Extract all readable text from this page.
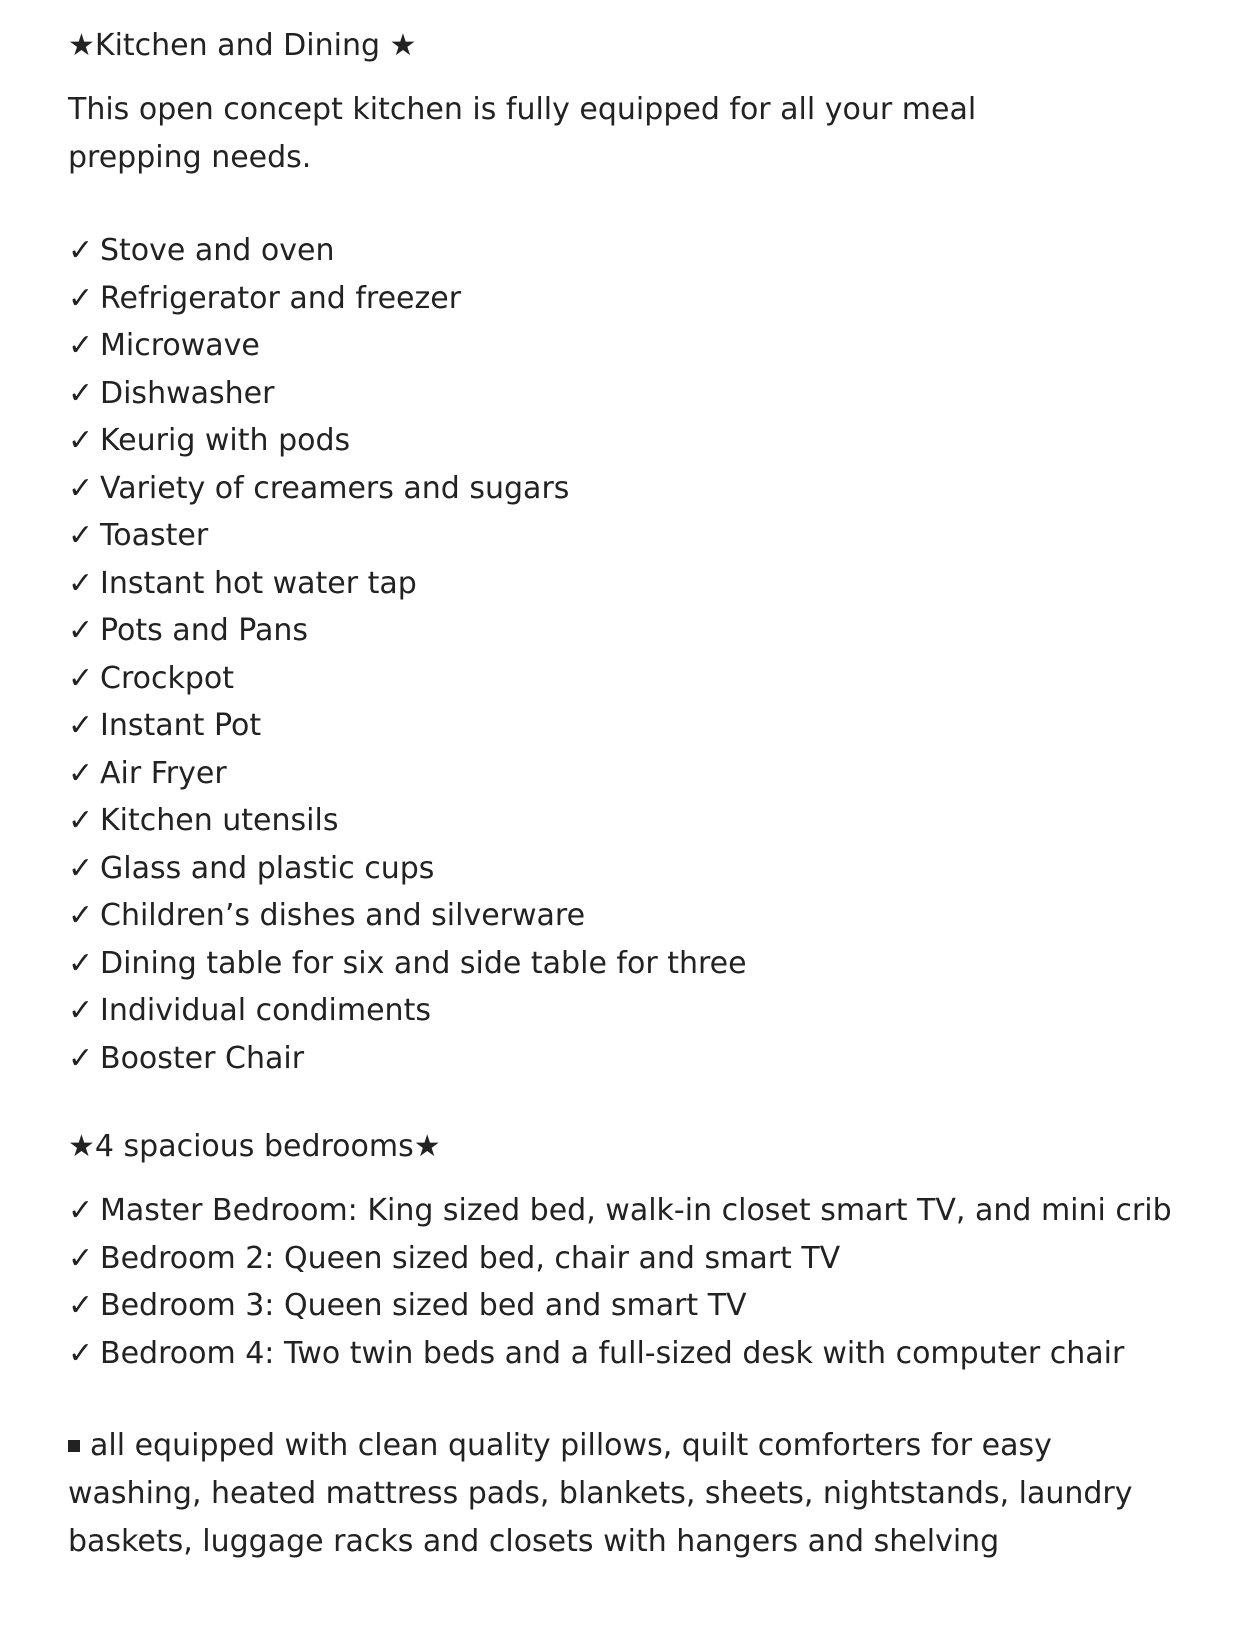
★Kitchen and Dining ★

This open concept kitchen is fully equipped for all your meal prepping needs.

✓ Stove and oven
✓ Refrigerator and freezer
✓ Microwave
✓ Dishwasher
✓ Keurig with pods
✓ Variety of creamers and sugars
✓ Toaster
✓ Instant hot water tap
✓ Pots and Pans
✓ Crockpot
✓ Instant Pot
✓ Air Fryer
✓ Kitchen utensils
✓ Glass and plastic cups
✓ Children’s dishes and silverware
✓ Dining table for six and side table for three
✓ Individual condiments
✓ Booster Chair
★4 spacious bedrooms★
✓ Master Bedroom: King sized bed, walk-in closet smart TV, and mini crib
✓ Bedroom 2: Queen sized bed, chair and smart TV
✓ Bedroom 3: Queen sized bed and smart TV
✓ Bedroom 4: Two twin beds and a full-sized desk with computer chair

all equipped with clean quality pillows, quilt comforters for easy washing, heated mattress pads, blankets, sheets, nightstands, laundry baskets, luggage racks and closets with hangers and shelving
